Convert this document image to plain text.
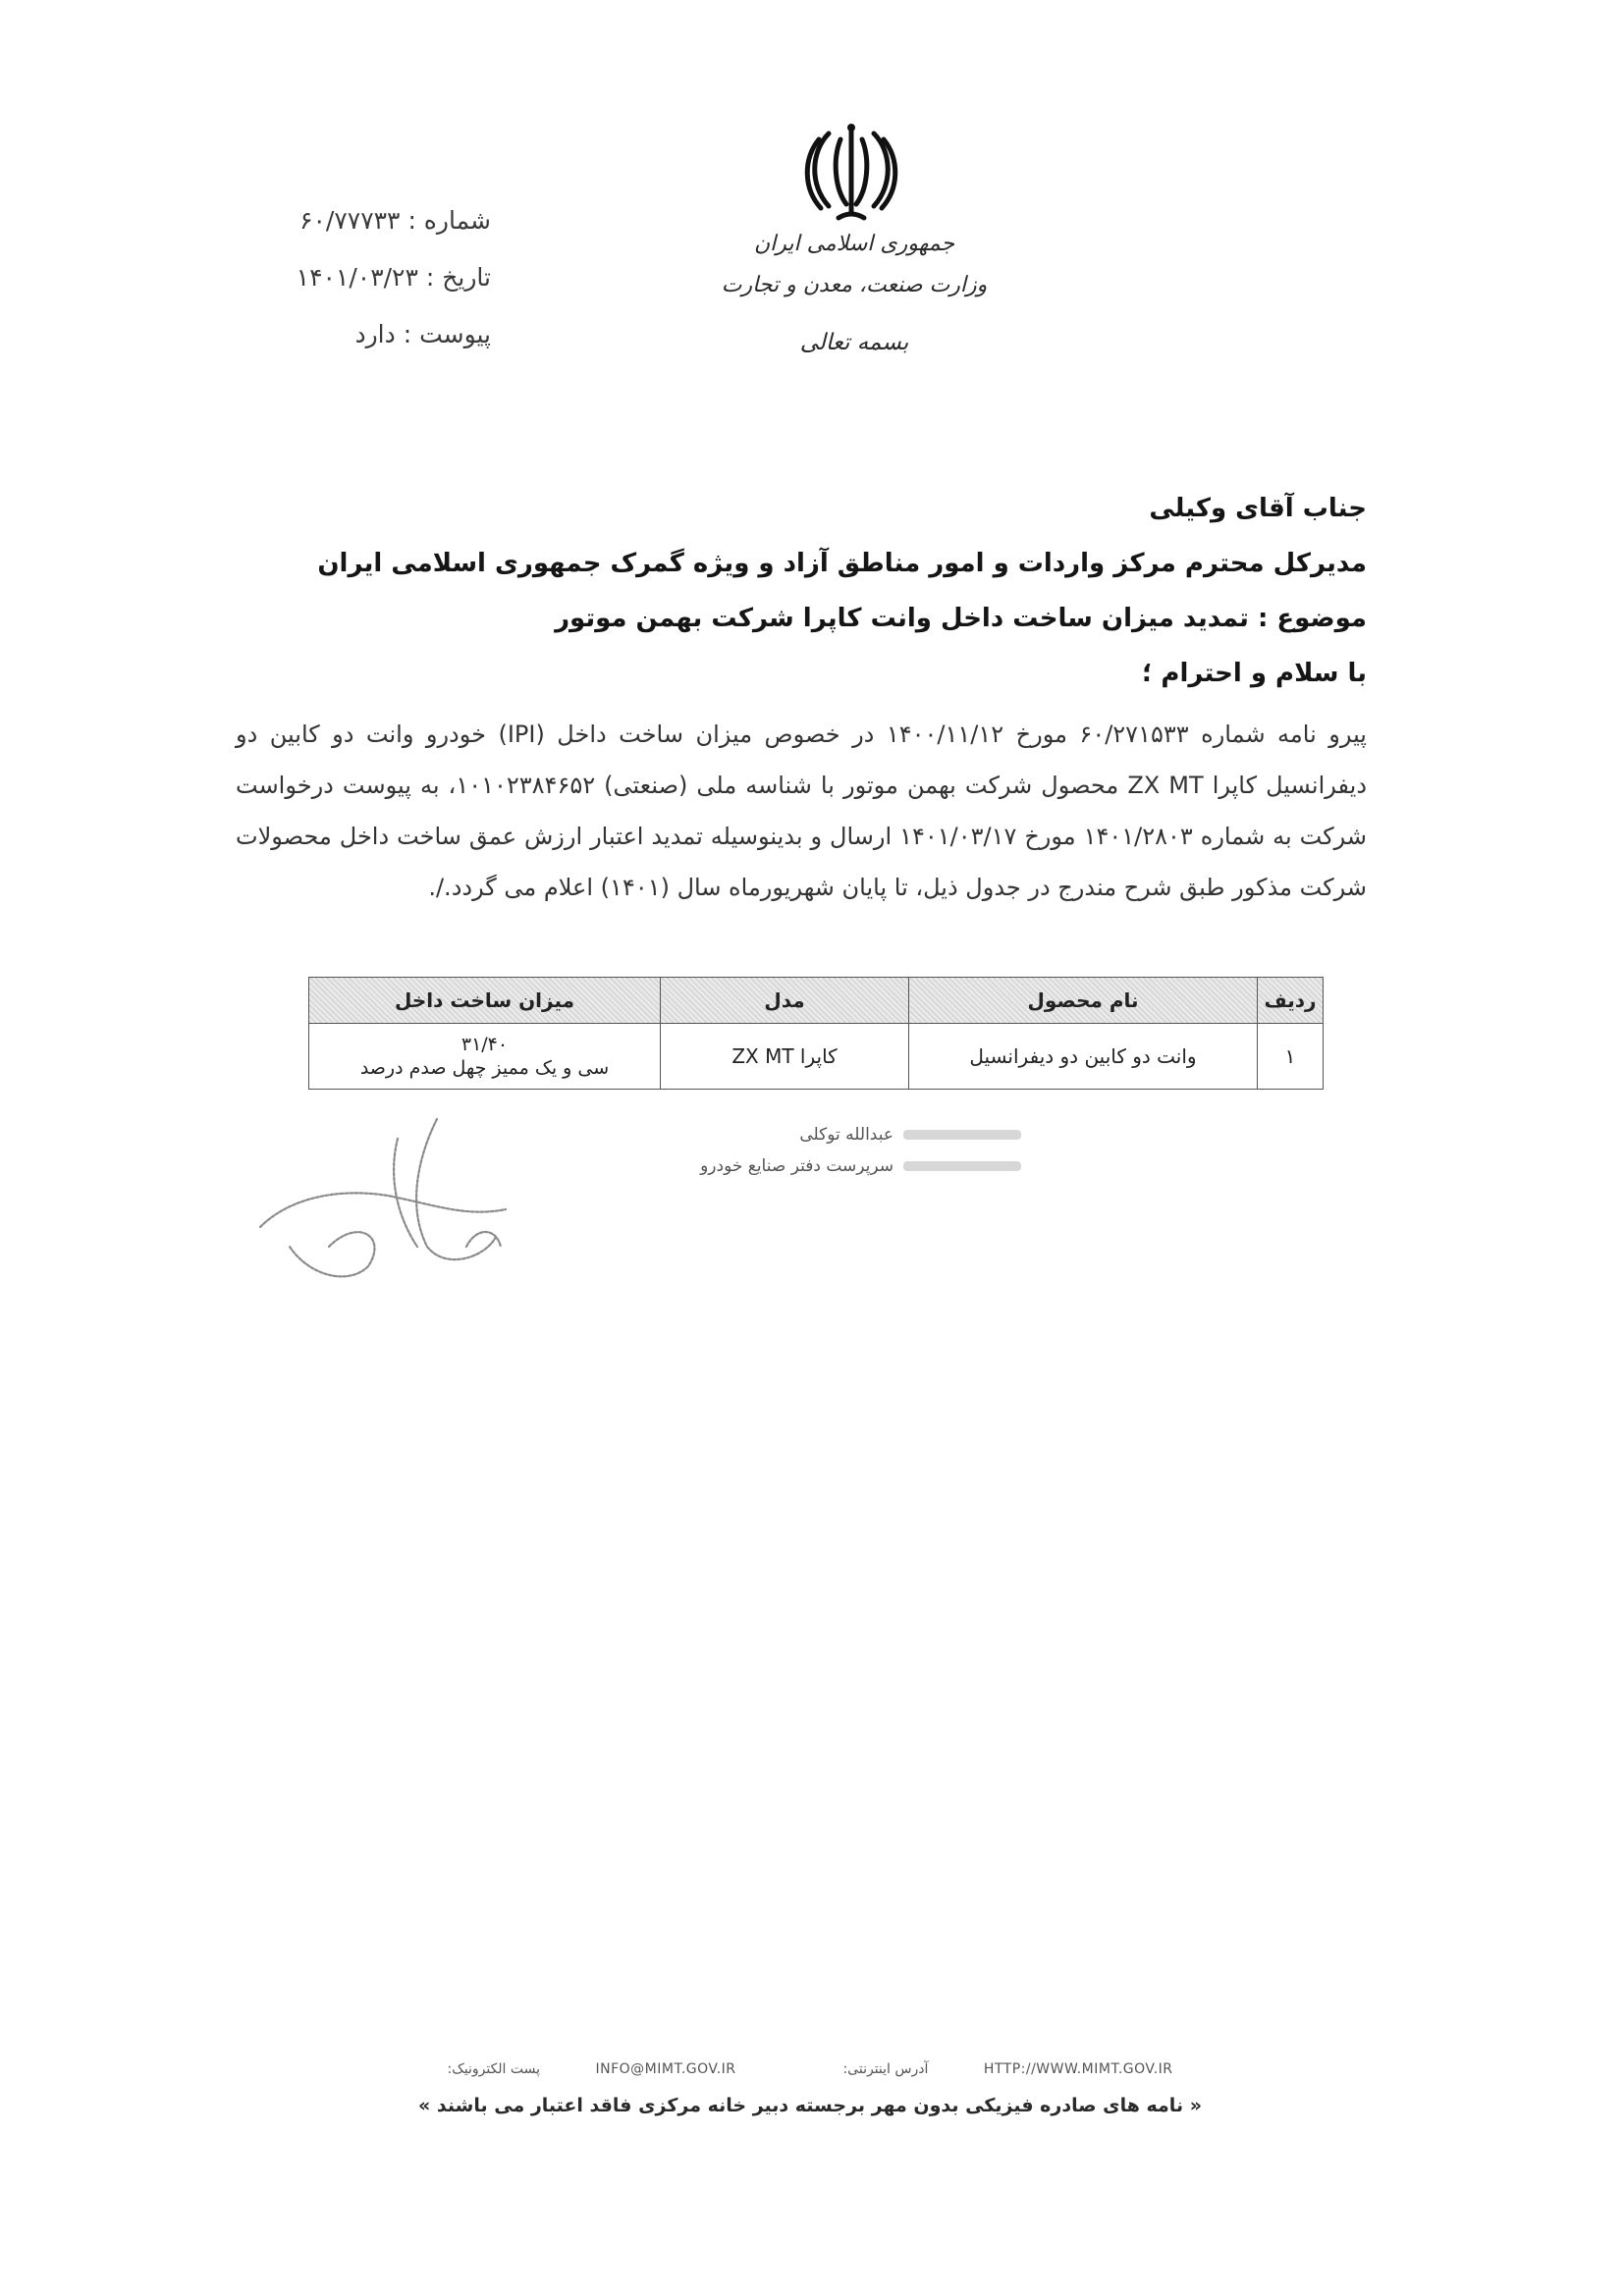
جمهوری اسلامی ایران
وزارت صنعت، معدن و تجارت
بسمه تعالی
شماره : ۶۰/۷۷۷۳۳
تاریخ : ۱۴۰۱/۰۳/۲۳
پیوست : دارد
جناب آقای وکیلی
مدیرکل محترم مرکز واردات و امور مناطق آزاد و ویژه گمرک جمهوری اسلامی ایران
موضوع : تمدید میزان ساخت داخل وانت کاپرا شرکت بهمن موتور
با سلام و احترام ؛
پیرو نامه شماره ۶۰/۲۷۱۵۳۳ مورخ ۱۴۰۰/۱۱/۱۲ در خصوص میزان ساخت داخل (IPI) خودرو وانت دو کابین دو دیفرانسیل کاپرا ZX MT محصول شرکت بهمن موتور با شناسه ملی (صنعتی) ۱۰۱۰۲۳۸۴۶۵۲، به پیوست درخواست شرکت به شماره ۱۴۰۱/۲۸۰۳ مورخ ۱۴۰۱/۰۳/۱۷ ارسال و بدینوسیله تمدید اعتبار ارزش عمق ساخت داخل محصولات شرکت مذکور طبق شرح مندرج در جدول ذیل، تا پایان شهریورماه سال (۱۴۰۱) اعلام می گردد./.
ردیف	نام محصول	مدل	میزان ساخت داخل
۱	وانت دو کابین دو دیفرانسیل	کاپرا ZX MT	۳۱/۴۰
سی و یک ممیز چهل صدم درصد
عبدالله توکلی
سرپرست دفتر صنایع خودرو
پست الکترونیک:	INFO@MIMT.GOV.IR	آدرس اینترنتی:	HTTP://WWW.MIMT.GOV.IR
« نامه های صادره فیزیکی بدون مهر برجسته دبیر خانه مرکزی فاقد اعتبار می باشند »
